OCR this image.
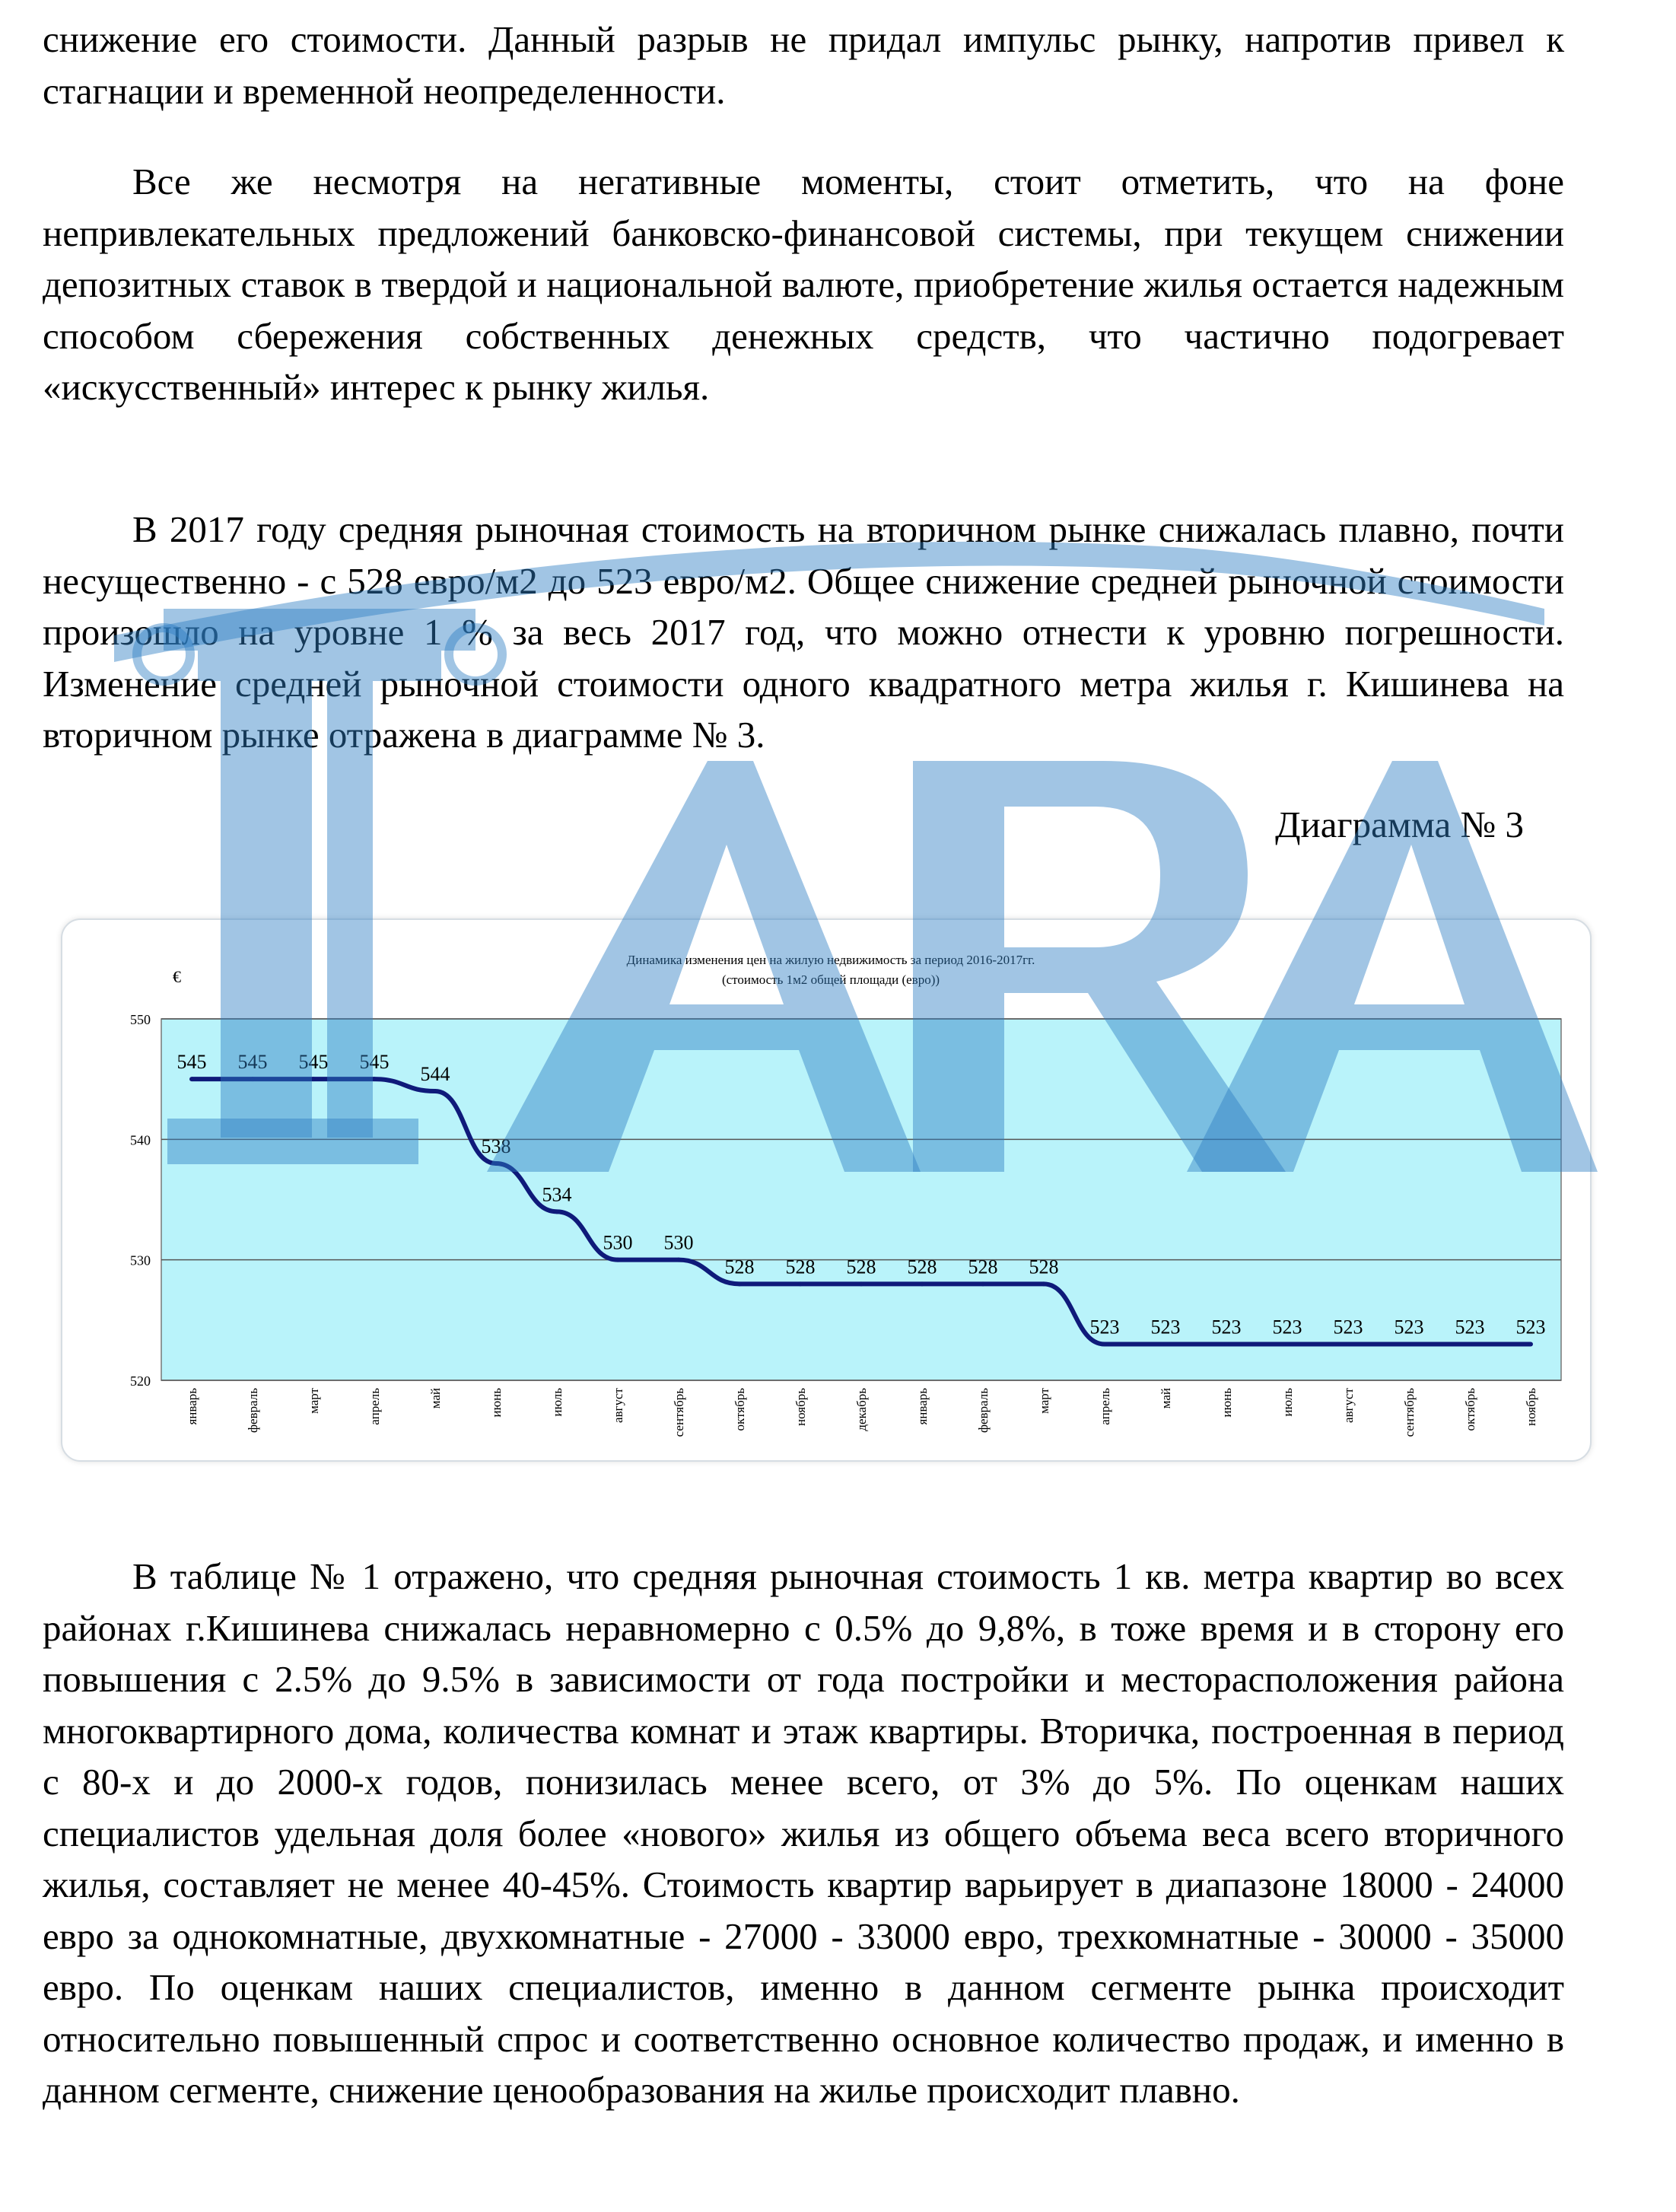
снижение его стоимости. Данный разрыв не придал импульс рынку, напротив привел к стагнации и временной неопределенности.

Все же несмотря на негативные моменты, стоит отметить, что на фоне непривлекательных предложений банковско-финансовой системы, при текущем снижении депозитных ставок в твердой и национальной валюте, приобретение жилья остается надежным способом сбережения собственных денежных средств, что частично подогревает «искусственный» интерес к рынку жилья.

В 2017 году средняя рыночная стоимость на вторичном рынке снижалась плавно, почти несущественно - с 528 евро/м2 до 523 евро/м2. Общее снижение средней рыночной стоимости произошло на уровне 1 % за весь 2017 год, что можно отнести к уровню погрешности. Изменение средней рыночной стоимости одного квадратного метра жилья г. Кишинева на вторичном рынке отражена в диаграмме № 3.

Диаграмма № 3

520
530
540
550
545 545 545 545
544
538
534
530 530
528 528 528 528 528 528
523 523 523 523 523 523 523 523
январь	февраль	март	апрель	май	июнь	июль	август	сентябрь	октябрь	ноябрь	декабрь	январь	февраль	март	апрель	май	июнь	июль	август	сентябрь	октябрь	ноябрь
Динамика изменения цен на жилую недвижимость за период 2016-2017гг.
(стоимость 1м2 общей площади (евро))
€

В таблице № 1 отражено, что средняя рыночная стоимость 1 кв. метра квартир во всех районах г.Кишинева снижалась неравномерно с 0.5% до 9,8%, в тоже время и в сторону его повышения с 2.5% до 9.5% в зависимости от года постройки и месторасположения района многоквартирного дома, количества комнат и этаж квартиры. Вторичка, построенная в период с 80-х и до 2000-х годов, понизилась менее всего, от 3% до 5%. По оценкам наших специалистов удельная доля более «нового» жилья из общего объема веса всего вторичного жилья, составляет не менее 40-45%. Стоимость квартир варьирует в диапазоне 18000 - 24000 евро за однокомнатные, двухкомнатные - 27000 - 33000 евро, трехкомнатные - 30000 - 35000 евро. По оценкам наших специалистов, именно в данном сегменте рынка происходит относительно повышенный спрос и соответственно основное количество продаж, и именно в данном сегменте, снижение ценообразования на жилье происходит плавно.
